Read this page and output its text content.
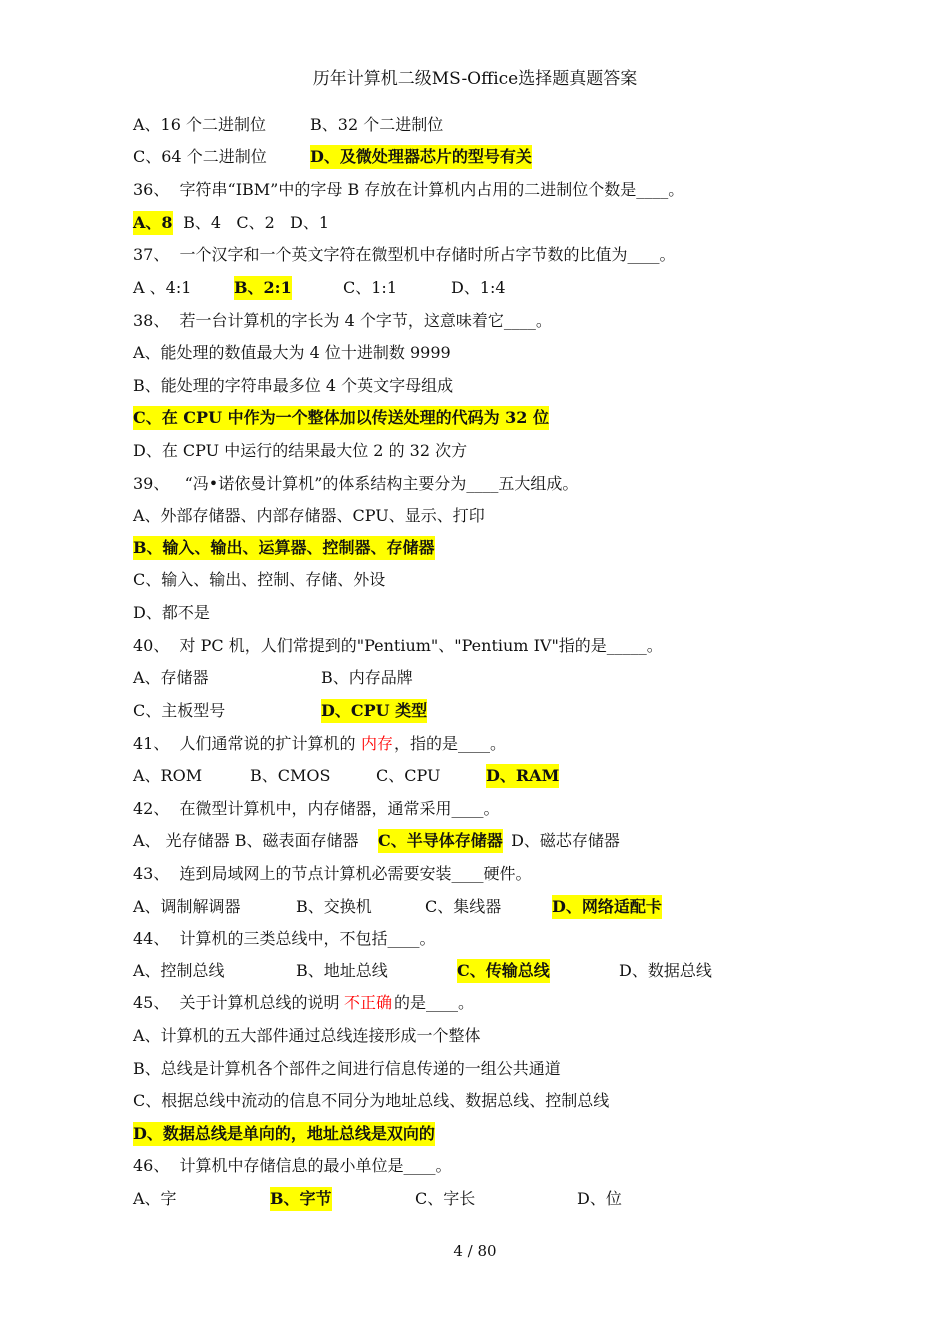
历年计算机二级MS-Office选择题真题答案
A、16 个二进制位	B、32 个二进制位
C、64 个二进制位	D、及微处理器芯片的型号有关
36、  字符串“IBM”中的字母 B 存放在计算机内占用的二进制位个数是____。
A、8 B、4   C、2   D、1
37、  一个汉字和一个英文字符在微型机中存储时所占字节数的比值为____。
A 、4:1	B、2:1	C、1:1	D、1:4
38、  若一台计算机的字长为 4 个字节，这意味着它____。
A、能处理的数值最大为 4 位十进制数 9999
B、能处理的字符串最多位 4 个英文字母组成
C、在 CPU 中作为一个整体加以传送处理的代码为 32 位
D、在 CPU 中运行的结果最大位 2 的 32 次方
39、   “冯•诺依曼计算机”的体系结构主要分为____五大组成。
A、外部存储器、内部存储器、CPU、显示、打印
B、输入、输出、运算器、控制器、存储器
C、输入、输出、控制、存储、外设
D、都不是
40、  对 PC 机，人们常提到的"Pentium"、"Pentium IV"指的是_____。
A、存储器	B、内存品牌
C、主板型号	D、CPU 类型
41、  人们通常说的扩计算机的 内存 ，指的是____。
A、ROM	B、CMOS	C、CPU	D、RAM
42、  在微型计算机中，内存储器，通常采用____。
A、 光存储器 B、磁表面存储器 C、半导体存储器 D、磁芯存储器
43、  连到局域网上的节点计算机必需要安装____硬件。
A、调制解调器	B、交换机	C、集线器	D、网络适配卡
44、  计算机的三类总线中，不包括____。
A、控制总线	B、地址总线	C、传输总线	D、数据总线
45、  关于计算机总线的说明 不正确 的是____。
A、计算机的五大部件通过总线连接形成一个整体
B、总线是计算机各个部件之间进行信息传递的一组公共通道
C、根据总线中流动的信息不同分为地址总线、数据总线、控制总线
D、数据总线是单向的，地址总线是双向的
46、  计算机中存储信息的最小单位是____。
A、字	B、字节	C、字长	D、位
4 / 80
